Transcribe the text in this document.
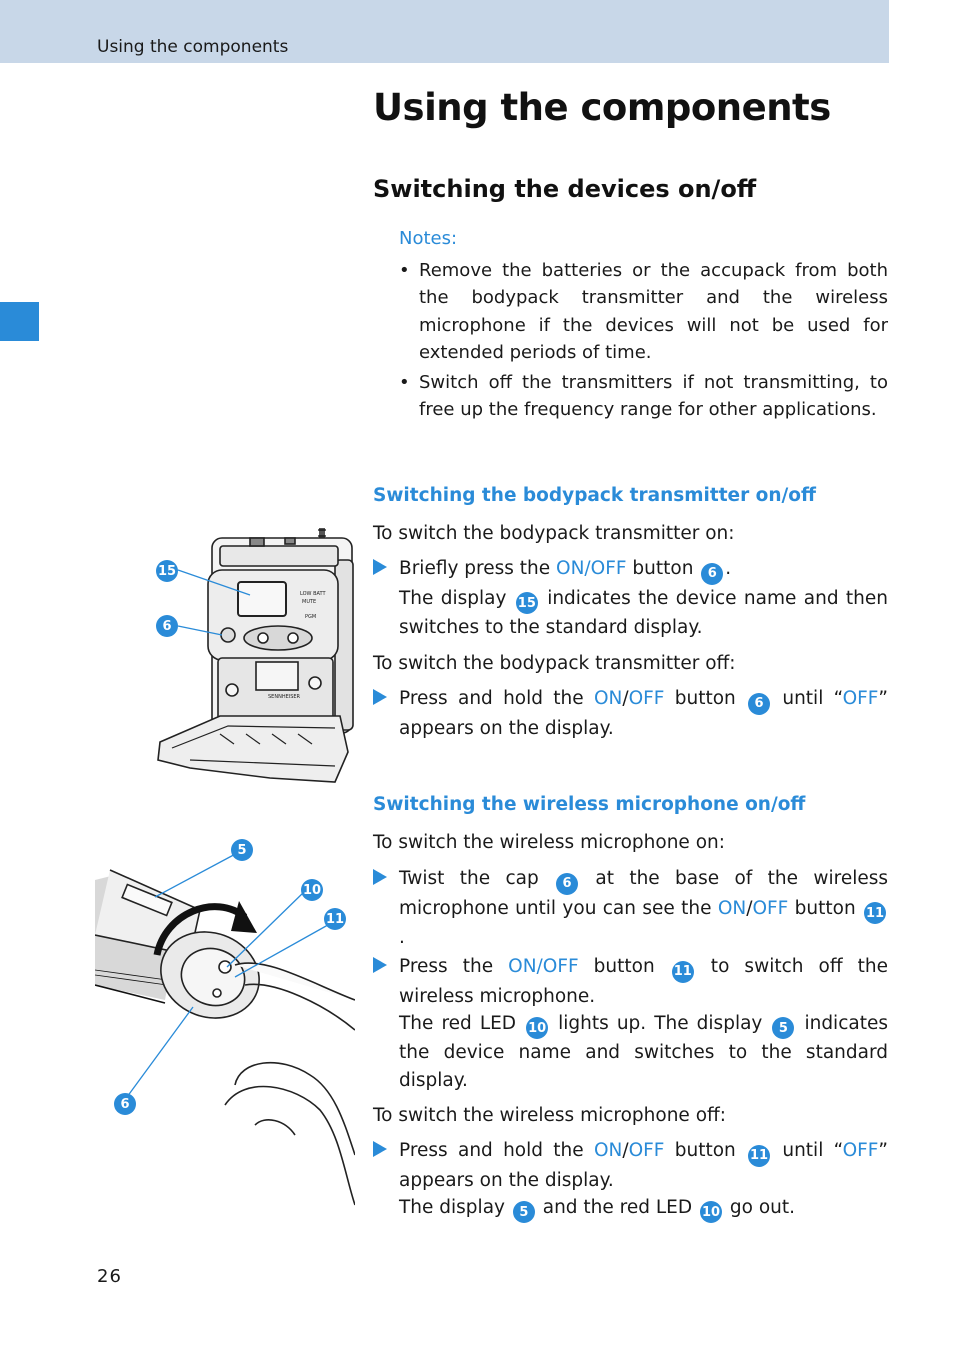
Using the components
Using the components
Switching the devices on/off
Notes:
• Remove the batteries or the accupack from both the bodypack transmitter and the wireless microphone if the devices will not be used for extended periods of time.
• Switch off the transmitters if not transmitting, to free up the frequency range for other applications.
Switching the bodypack transmitter on/off
To switch the bodypack transmitter on:
Briefly press the ON/OFF button 6 .
The display 15 indicates the device name and then switches to the standard display.
To switch the bodypack transmitter off:
Press and hold the ON/OFF button 6 until “OFF” appears on the display.
Switching the wireless microphone on/off
To switch the wireless microphone on:
Twist the cap 6 at the base of the wireless microphone until you can see the ON/OFF button 11.
Press the ON/OFF button 11 to switch off the wireless microphone.
The red LED 10 lights up. The display 5 indicates the device name and switches to the standard display.
To switch the wireless microphone off:
Press and hold the ON/OFF button 11 until “OFF” appears on the display.
The display 5 and the red LED 10 go out.
LOW BATT
MUTE
PGM
SENNHEISER
15
6
5
10
11
6
26
